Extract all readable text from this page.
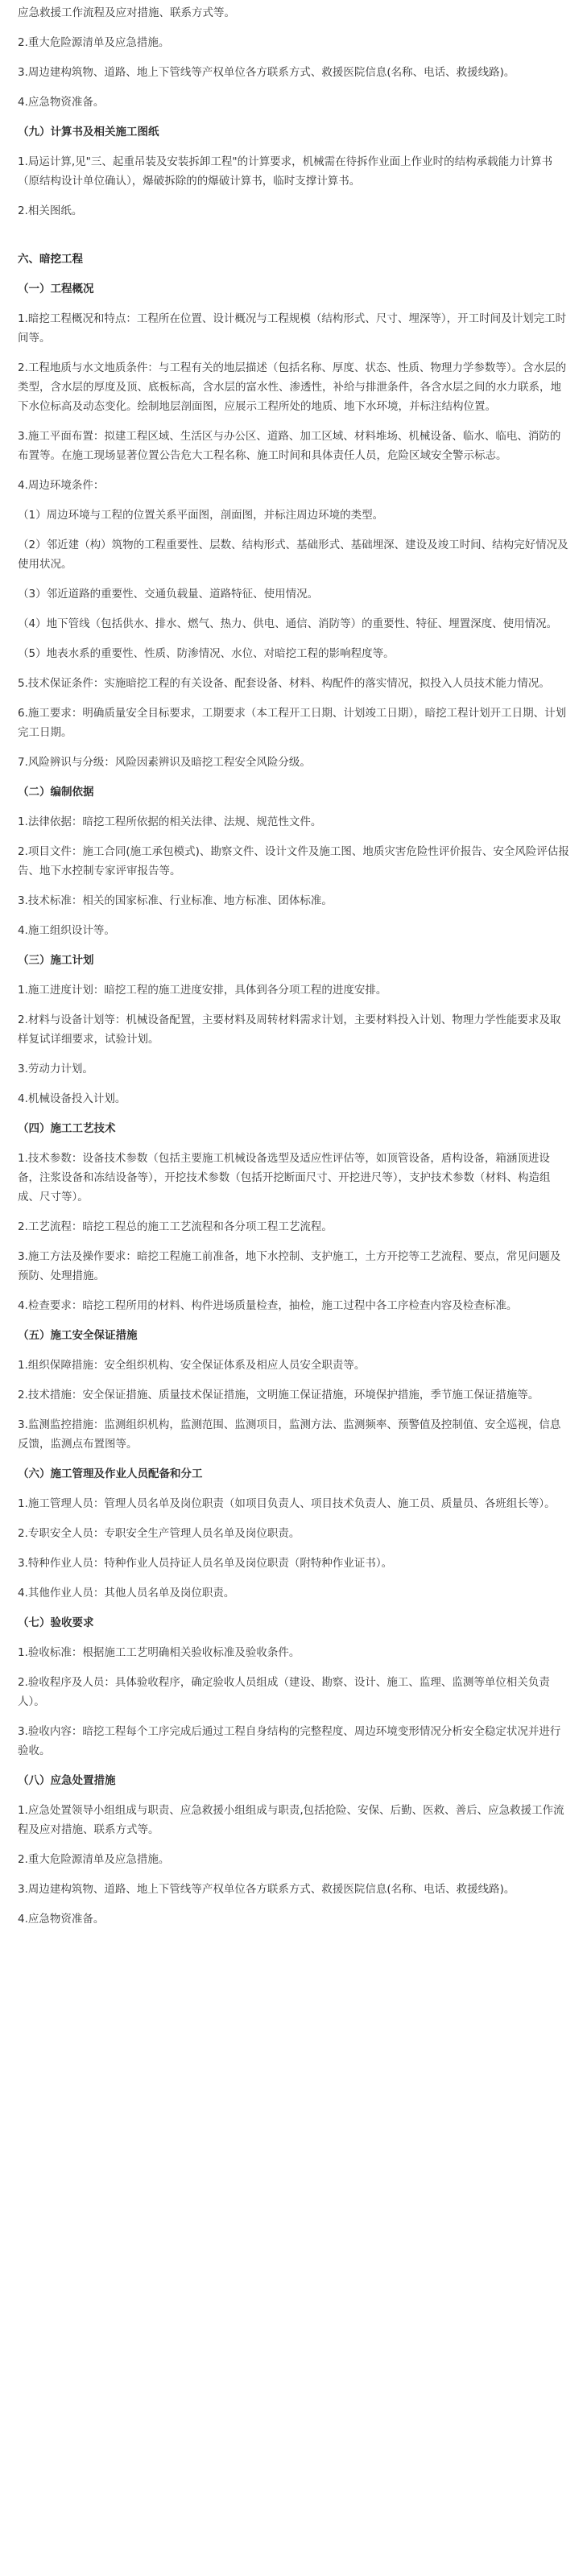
应急救援工作流程及应对措施、联系方式等。
2.重大危险源清单及应急措施。
3.周边建构筑物、道路、地上下管线等产权单位各方联系方式、救援医院信息(名称、电话、救援线路)。
4.应急物资准备。
（九）计算书及相关施工图纸
1.局运计算,见"三、起重吊装及安装拆卸工程"的计算要求，机械需在待拆作业面上作业时的结构承载能力计算书（原结构设计单位确认），爆破拆除的的爆破计算书，临时支撑计算书。
2.相关图纸。
六、暗挖工程
（一）工程概况
1.暗挖工程概况和特点：工程所在位置、设计概况与工程规模（结构形式、尺寸、埋深等），开工时间及计划完工时间等。
2.工程地质与水文地质条件：与工程有关的地层描述（包括名称、厚度、状态、性质、物理力学参数等）。含水层的类型，含水层的厚度及顶、底板标高，含水层的富水性、渗透性，补给与排泄条件，各含水层之间的水力联系，地下水位标高及动态变化。绘制地层剖面图，应展示工程所处的地质、地下水环境，并标注结构位置。
3.施工平面布置：拟建工程区域、生活区与办公区、道路、加工区域、材料堆场、机械设备、临水、临电、消防的布置等。在施工现场显著位置公告危大工程名称、施工时间和具体责任人员，危险区域安全警示标志。
4.周边环境条件：
（1）周边环境与工程的位置关系平面图，剖面图，并标注周边环境的类型。
（2）邻近建（构）筑物的工程重要性、层数、结构形式、基础形式、基础埋深、建设及竣工时间、结构完好情况及使用状况。
（3）邻近道路的重要性、交通负载量、道路特征、使用情况。
（4）地下管线（包括供水、排水、燃气、热力、供电、通信、消防等）的重要性、特征、埋置深度、使用情况。
（5）地表水系的重要性、性质、防渗情况、水位、对暗挖工程的影响程度等。
5.技术保证条件：实施暗挖工程的有关设备、配套设备、材料、构配件的落实情况，拟投入人员技术能力情况。
6.施工要求：明确质量安全目标要求，工期要求（本工程开工日期、计划竣工日期），暗挖工程计划开工日期、计划完工日期。
7.风险辨识与分级：风险因素辨识及暗挖工程安全风险分级。
（二）编制依据
1.法律依据：暗挖工程所依据的相关法律、法规、规范性文件。
2.项目文件：施工合同(施工承包模式)、勘察文件、设计文件及施工图、地质灾害危险性评价报告、安全风险评估报告、地下水控制专家评审报告等。
3.技术标准：相关的国家标准、行业标准、地方标准、团体标准。
4.施工组织设计等。
（三）施工计划
1.施工进度计划：暗挖工程的施工进度安排，具体到各分项工程的进度安排。
2.材料与设备计划等：机械设备配置，主要材料及周转材料需求计划，主要材料投入计划、物理力学性能要求及取样复试详细要求，试验计划。
3.劳动力计划。
4.机械设备投入计划。
（四）施工工艺技术
1.技术参数：设备技术参数（包括主要施工机械设备选型及适应性评估等，如顶管设备，盾构设备，箱涵顶进设备，注浆设备和冻结设备等），开挖技术参数（包括开挖断面尺寸、开挖进尺等），支护技术参数（材料、构造组成、尺寸等）。
2.工艺流程：暗挖工程总的施工工艺流程和各分项工程工艺流程。
3.施工方法及操作要求：暗挖工程施工前准备，地下水控制、支护施工，土方开挖等工艺流程、要点，常见问题及预防、处理措施。
4.检查要求：暗挖工程所用的材料、构件进场质量检查，抽检，施工过程中各工序检查内容及检查标准。
（五）施工安全保证措施
1.组织保障措施：安全组织机构、安全保证体系及相应人员安全职责等。
2.技术措施：安全保证措施、质量技术保证措施，文明施工保证措施，环境保护措施，季节施工保证措施等。
3.监测监控措施：监测组织机构，监测范围、监测项目，监测方法、监测频率、预警值及控制值、安全巡视，信息反馈，监测点布置图等。
（六）施工管理及作业人员配备和分工
1.施工管理人员：管理人员名单及岗位职责（如项目负责人、项目技术负责人、施工员、质量员、各班组长等）。
2.专职安全人员：专职安全生产管理人员名单及岗位职责。
3.特种作业人员：特种作业人员持证人员名单及岗位职责（附特种作业证书）。
4.其他作业人员：其他人员名单及岗位职责。
（七）验收要求
1.验收标准：根据施工工艺明确相关验收标准及验收条件。
2.验收程序及人员：具体验收程序，确定验收人员组成（建设、勘察、设计、施工、监理、监测等单位相关负责人）。
3.验收内容：暗挖工程每个工序完成后通过工程自身结构的完整程度、周边环境变形情况分析安全稳定状况并进行验收。
（八）应急处置措施
1.应急处置领导小组组成与职责、应急救援小组组成与职责,包括抢险、安保、后勤、医救、善后、应急救援工作流程及应对措施、联系方式等。
2.重大危险源清单及应急措施。
3.周边建构筑物、道路、地上下管线等产权单位各方联系方式、救援医院信息(名称、电话、救援线路)。
4.应急物资准备。
